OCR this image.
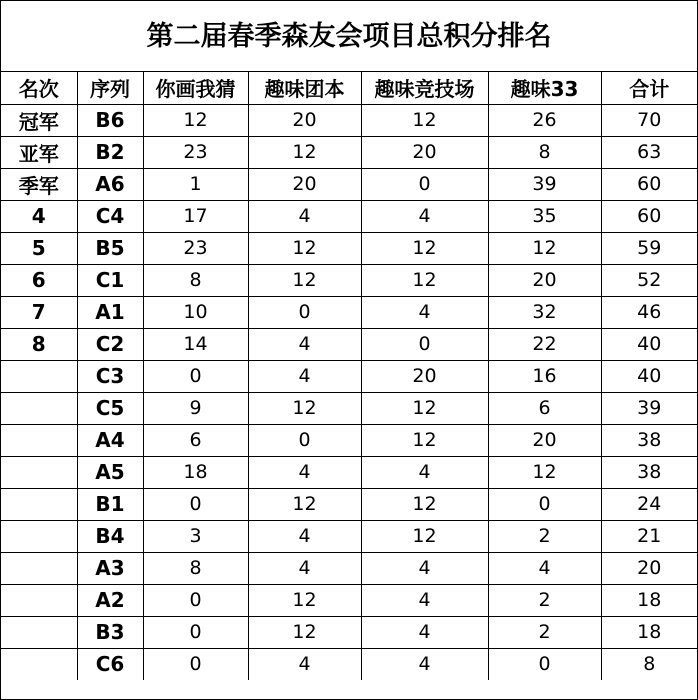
第二届春季森友会项目总积分排名
名次	序列	你画我猜	趣味团本	趣味竞技场	趣味33	合计
冠军	B6	12	20	12	26	70
亚军	B2	23	12	20	8	63
季军	A6	1	20	0	39	60
4	C4	17	4	4	35	60
5	B5	23	12	12	12	59
6	C1	8	12	12	20	52
7	A1	10	0	4	32	46
8	C2	14	4	0	22	40
	C3	0	4	20	16	40
	C5	9	12	12	6	39
	A4	6	0	12	20	38
	A5	18	4	4	12	38
	B1	0	12	12	0	24
	B4	3	4	12	2	21
	A3	8	4	4	4	20
	A2	0	12	4	2	18
	B3	0	12	4	2	18
	C6	0	4	4	0	8
